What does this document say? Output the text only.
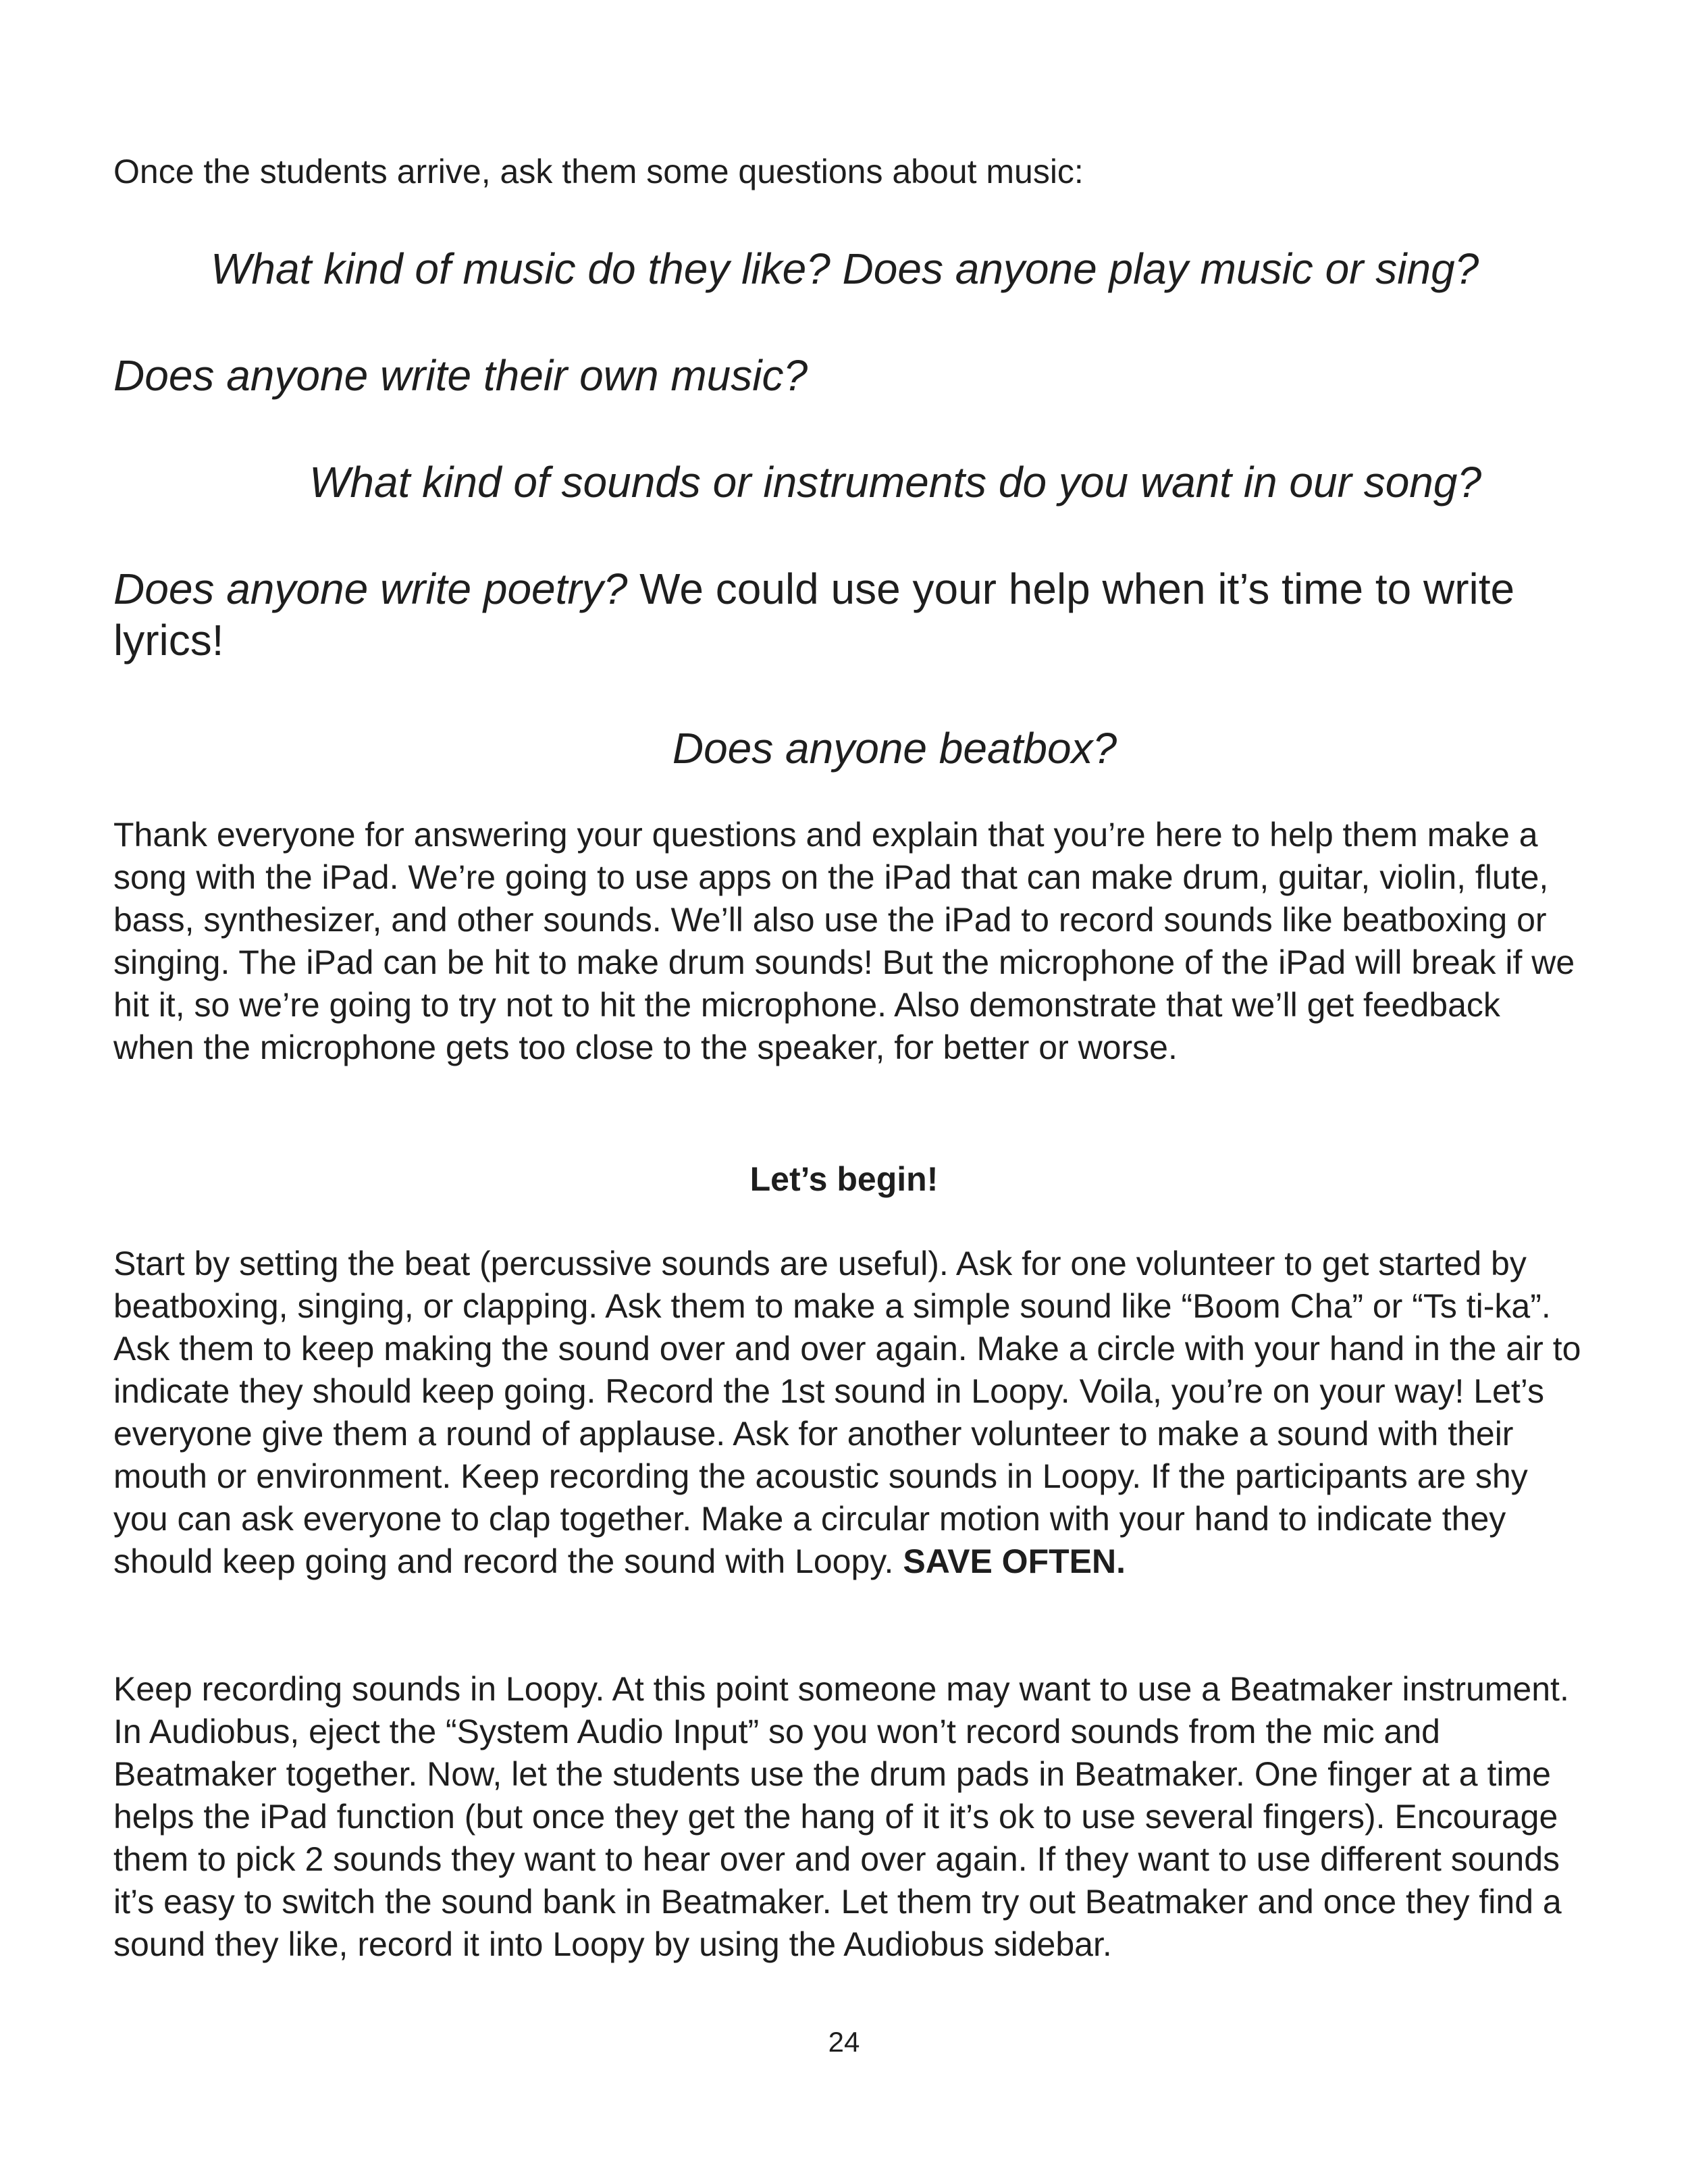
Once the students arrive, ask them some questions about music:

What kind of music do they like? Does anyone play music or sing?

Does anyone write their own music?

What kind of sounds or instruments do you want in our song?

Does anyone write poetry? We could use your help when it’s time to write lyrics!

Does anyone beatbox?

Thank everyone for answering your questions and explain that you’re here to help them make a song with the iPad. We’re going to use apps on the iPad that can make drum, guitar, violin, flute, bass, synthesizer, and other sounds. We’ll also use the iPad to record sounds like beatboxing or singing. The iPad can be hit to make drum sounds! But the microphone of the iPad will break if we hit it, so we’re going to try not to hit the microphone. Also demonstrate that we’ll get feedback when the microphone gets too close to the speaker, for better or worse.

Let’s begin!

Start by setting the beat (percussive sounds are useful). Ask for one volunteer to get started by beatboxing, singing, or clapping. Ask them to make a simple sound like “Boom Cha” or “Ts ti-ka”. Ask them to keep making the sound over and over again. Make a circle with your hand in the air to indicate they should keep going. Record the 1st sound in Loopy. Voila, you’re on your way! Let’s everyone give them a round of applause. Ask for another volunteer to make a sound with their mouth or environment. Keep recording the acoustic sounds in Loopy. If the participants are shy you can ask everyone to clap together. Make a circular motion with your hand to indicate they should keep going and record the sound with Loopy. SAVE OFTEN.

Keep recording sounds in Loopy. At this point someone may want to use a Beatmaker instrument. In Audiobus, eject the “System Audio Input” so you won’t record sounds from the mic and Beatmaker together. Now, let the students use the drum pads in Beatmaker. One finger at a time helps the iPad function (but once they get the hang of it it’s ok to use several fingers). Encourage them to pick 2 sounds they want to hear over and over again. If they want to use different sounds it’s easy to switch the sound bank in Beatmaker. Let them try out Beatmaker and once they find a sound they like, record it into Loopy by using the Audiobus sidebar.

24
